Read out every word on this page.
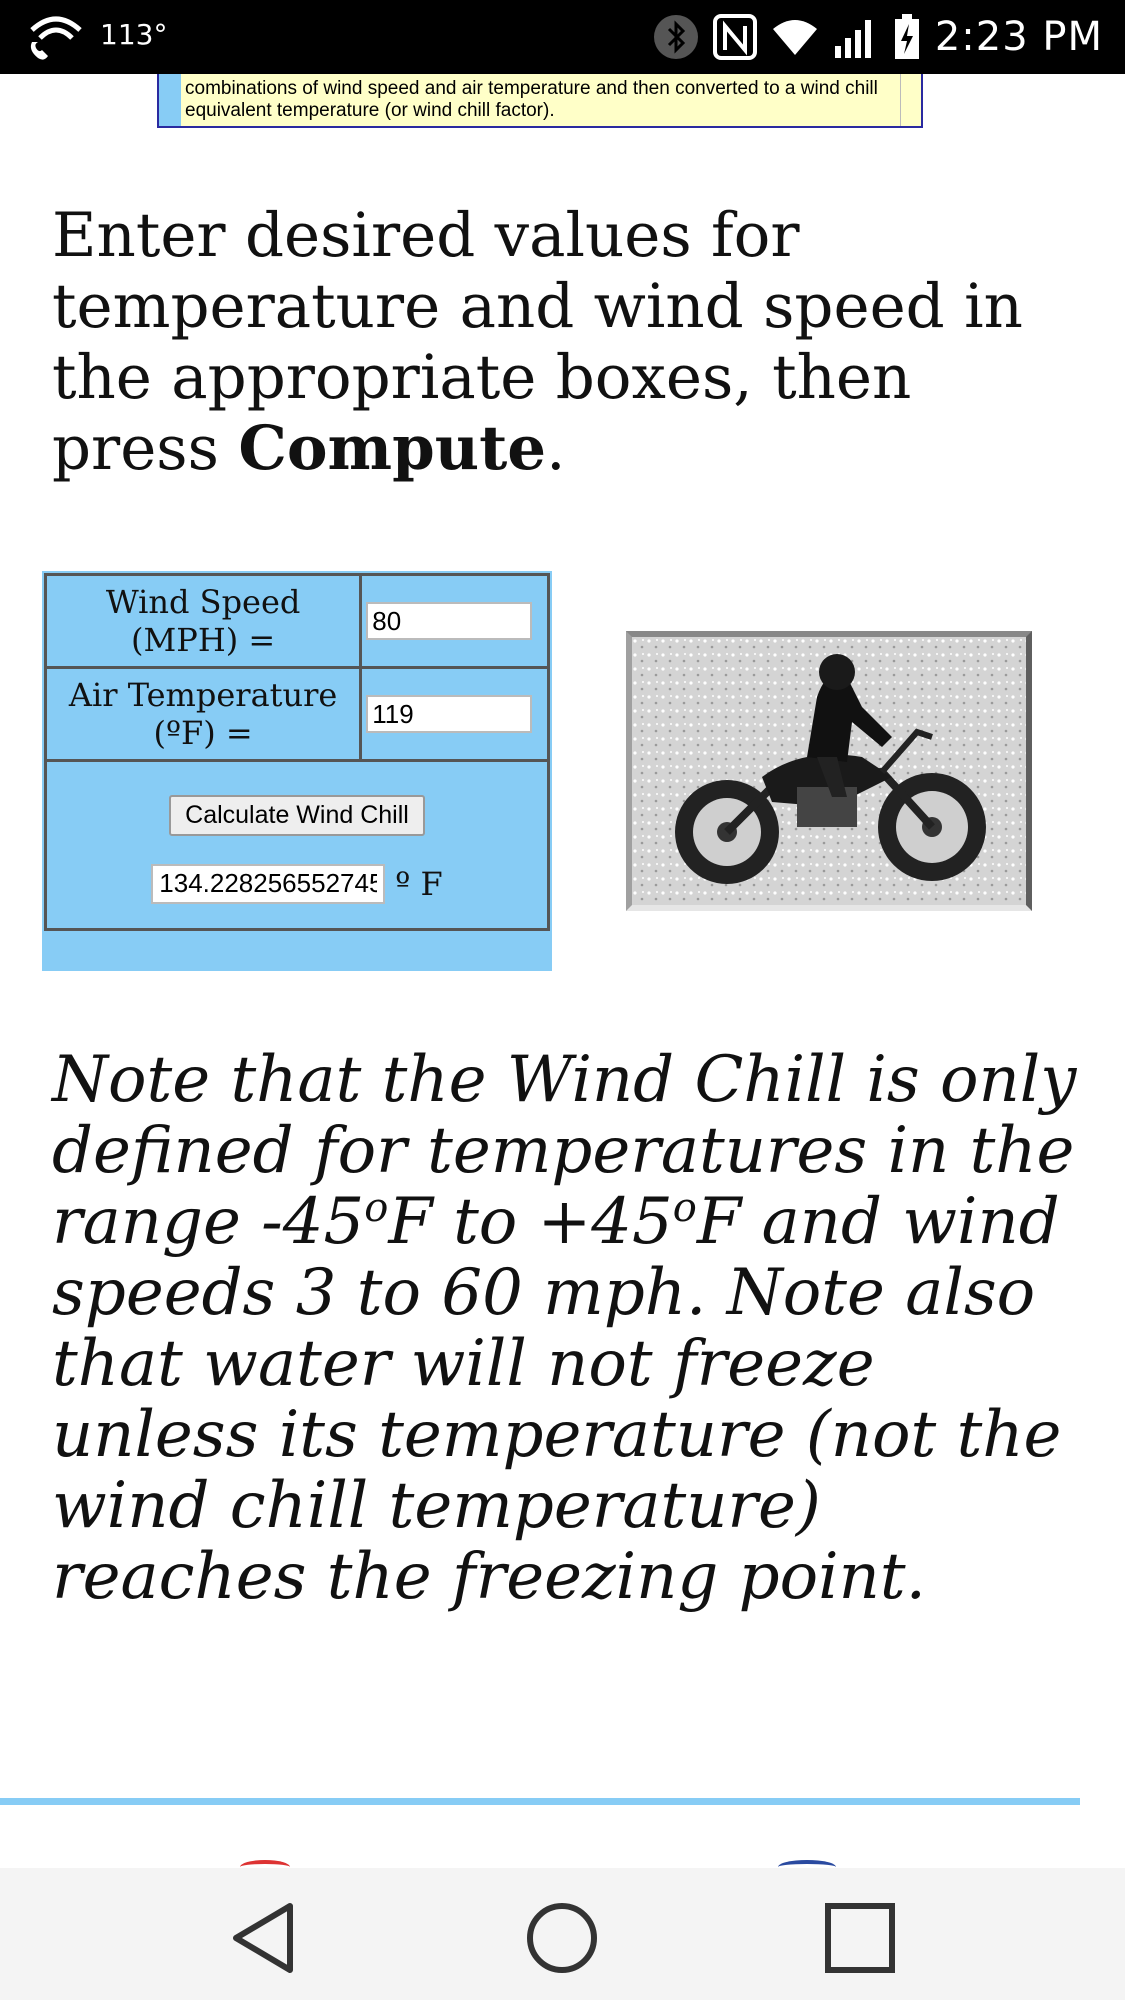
113°	2:23 PM
combinations of wind speed and air temperature and then converted to a wind chill equivalent temperature (or wind chill factor).
Enter desired values for temperature and wind speed in the appropriate boxes, then press Compute.
Wind Speed (MPH) =	80
Air Temperature (ºF) =	119
Calculate Wind Chill
134.228256552745
º F
Note that the Wind Chill is only defined for temperatures in the range -45$^o$F to $+45^oF$ and wind speeds 3 to 60 mph. Note also that water will not freeze unless its temperature (not the wind chill temperature) reaches the freezing point.
